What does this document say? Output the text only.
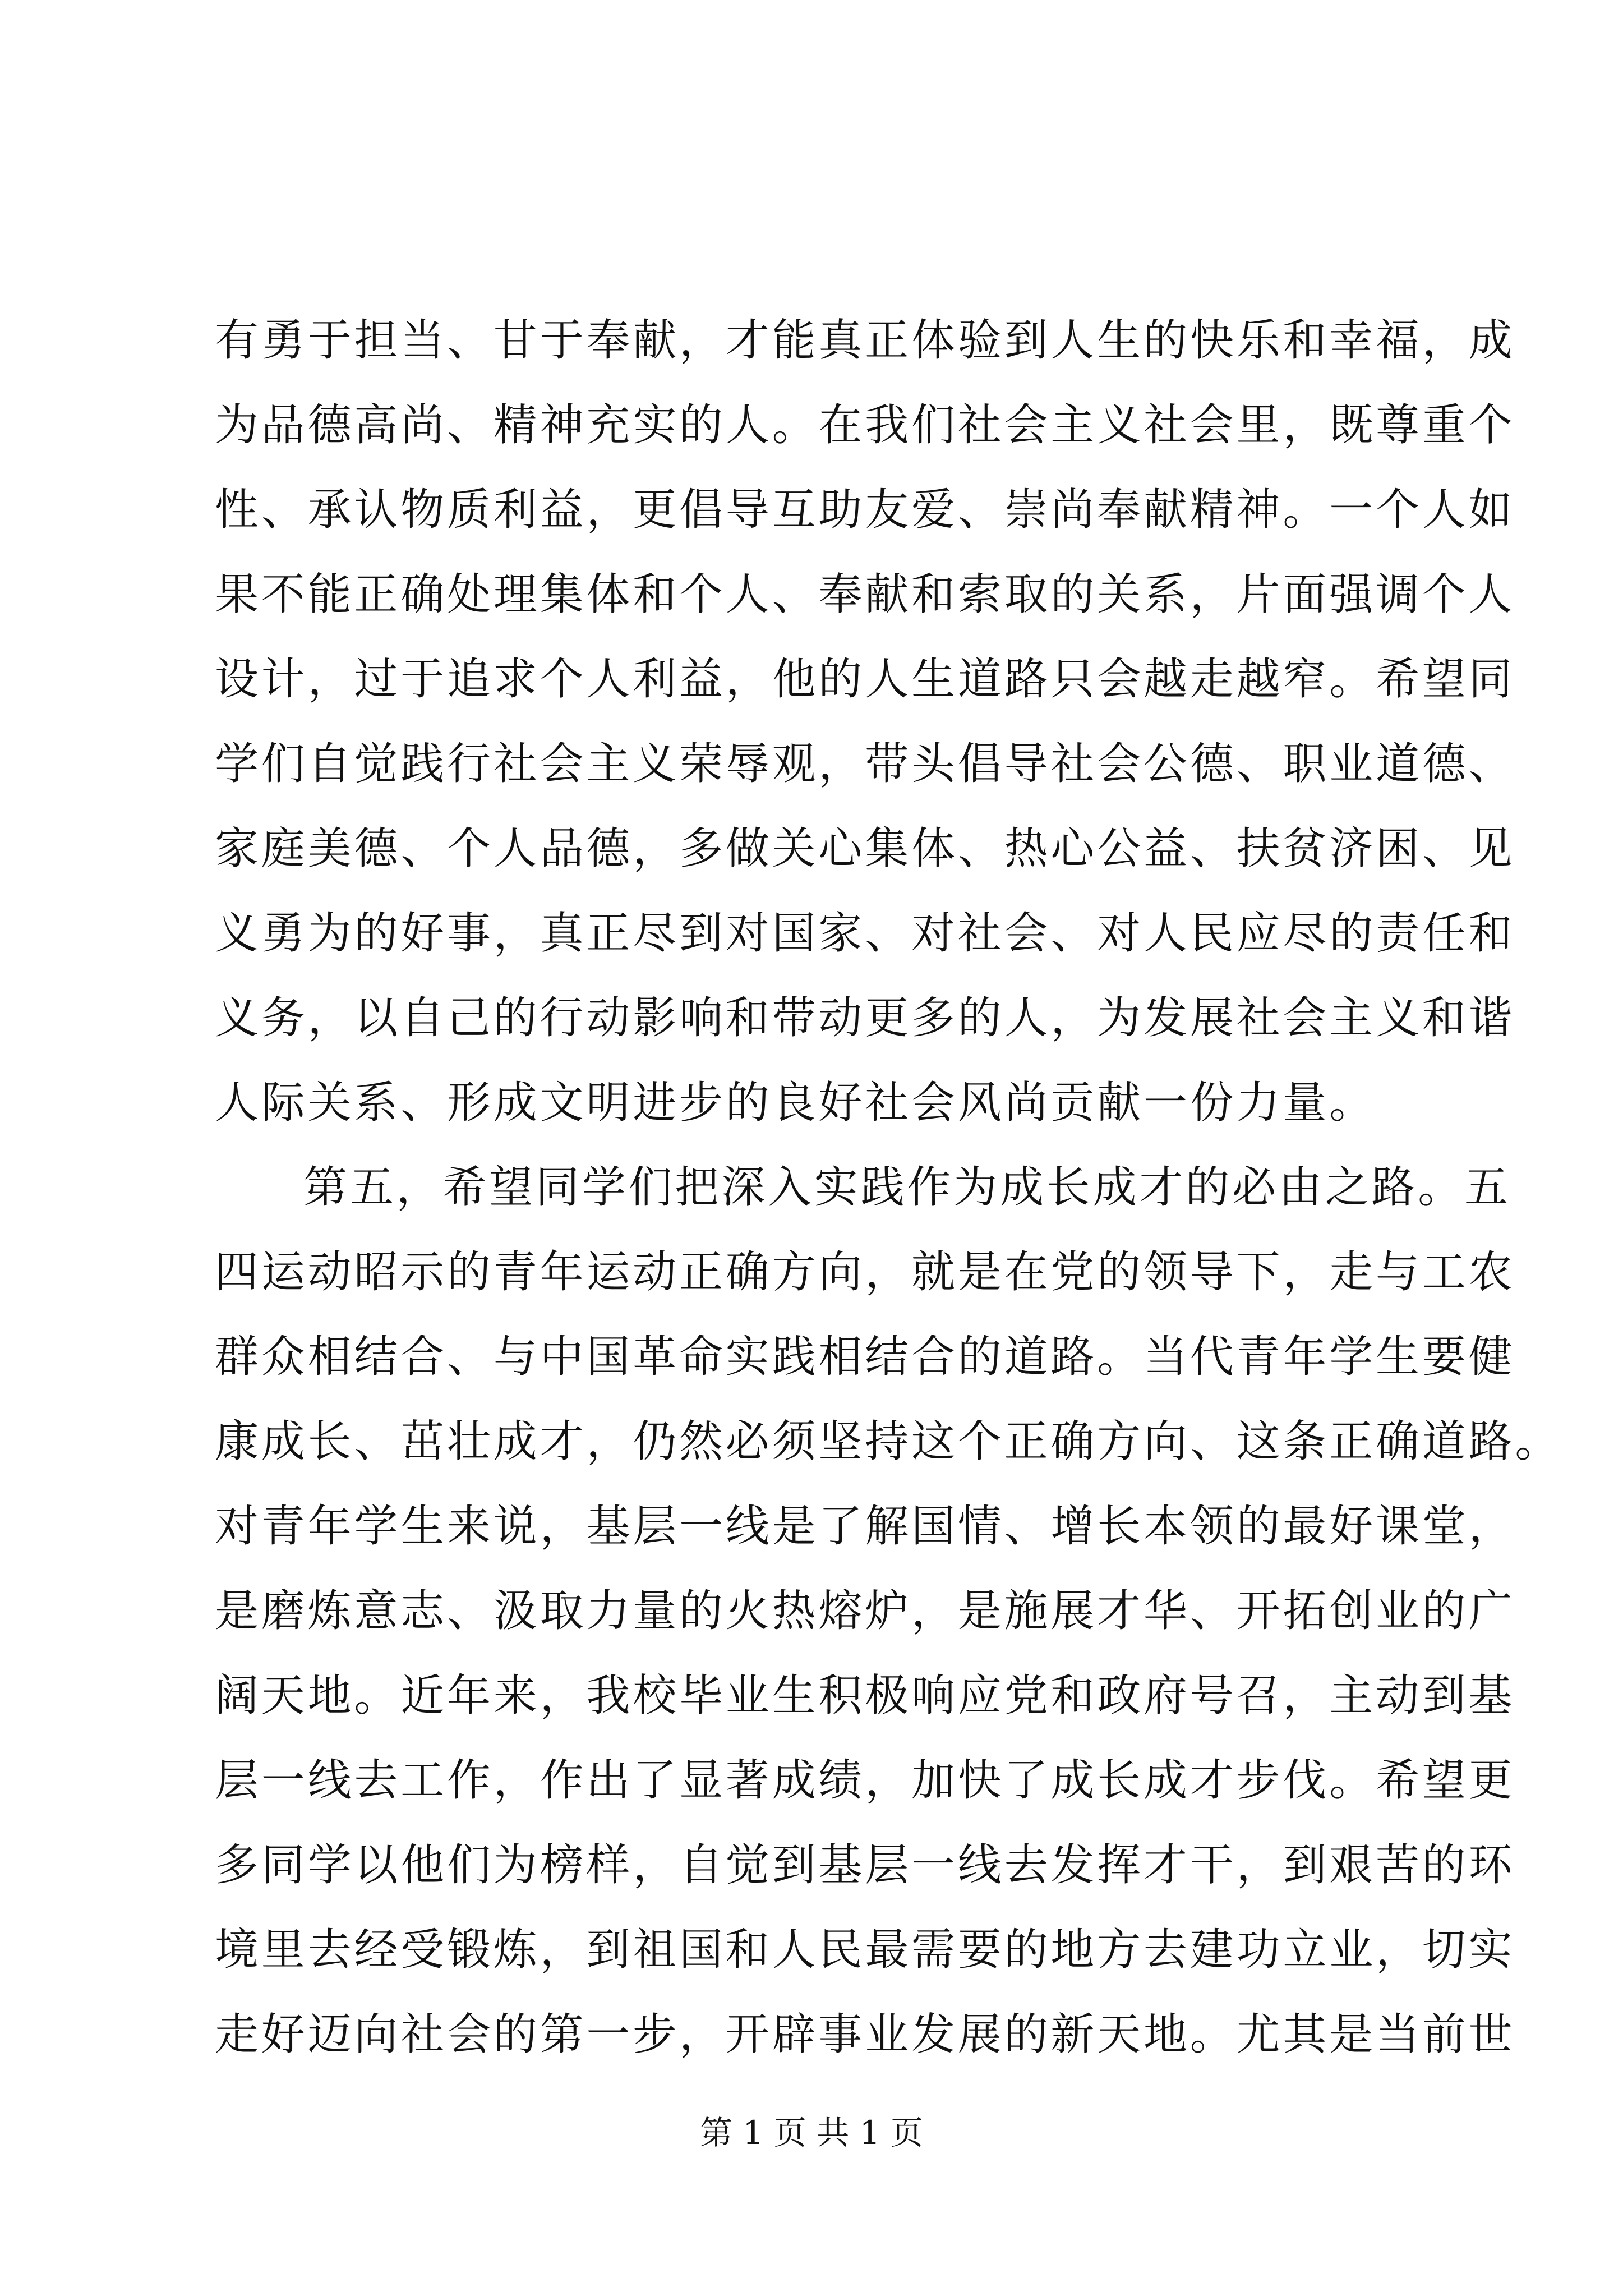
有勇于担当、甘于奉献，才能真正体验到人生的快乐和幸福，成
为品德高尚、精神充实的人。在我们社会主义社会里，既尊重个
性、承认物质利益，更倡导互助友爱、崇尚奉献精神。一个人如
果不能正确处理集体和个人、奉献和索取的关系，片面强调个人
设计，过于追求个人利益，他的人生道路只会越走越窄。希望同
学们自觉践行社会主义荣辱观，带头倡导社会公德、职业道德、
家庭美德、个人品德，多做关心集体、热心公益、扶贫济困、见
义勇为的好事，真正尽到对国家、对社会、对人民应尽的责任和
义务，以自己的行动影响和带动更多的人，为发展社会主义和谐
人际关系、形成文明进步的良好社会风尚贡献一份力量。
第五，希望同学们把深入实践作为成长成才的必由之路。五
四运动昭示的青年运动正确方向，就是在党的领导下，走与工农
群众相结合、与中国革命实践相结合的道路。当代青年学生要健
康成长、茁壮成才，仍然必须坚持这个正确方向、这条正确道路。
对青年学生来说，基层一线是了解国情、增长本领的最好课堂，
是磨炼意志、汲取力量的火热熔炉，是施展才华、开拓创业的广
阔天地。近年来，我校毕业生积极响应党和政府号召，主动到基
层一线去工作，作出了显著成绩，加快了成长成才步伐。希望更
多同学以他们为榜样，自觉到基层一线去发挥才干，到艰苦的环
境里去经受锻炼，到祖国和人民最需要的地方去建功立业，切实
走好迈向社会的第一步，开辟事业发展的新天地。尤其是当前世
第 1 页 共 1 页
